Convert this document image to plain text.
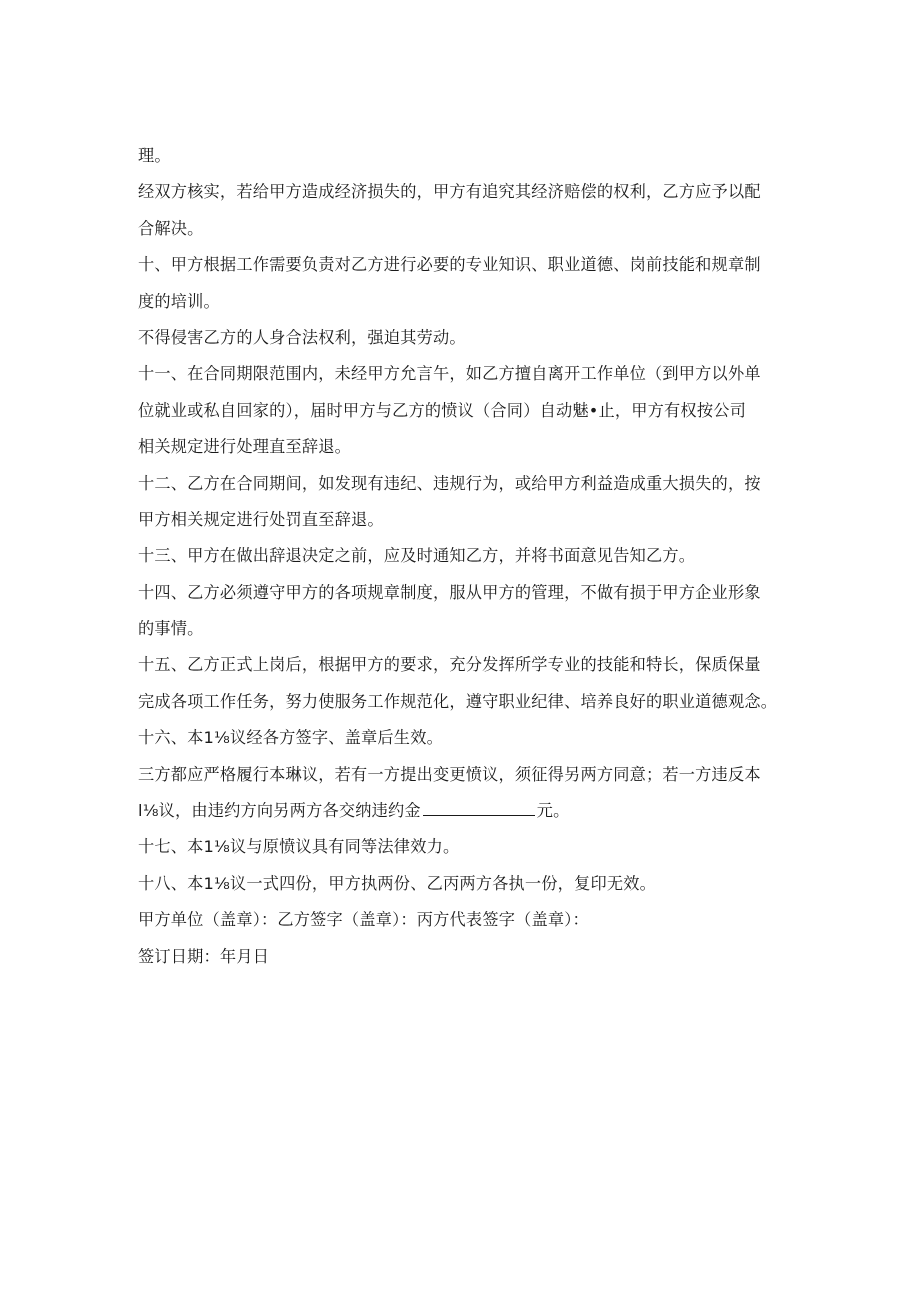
理。
经双方核实，若给甲方造成经济损失的，甲方有追究其经济赔偿的权利，乙方应予以配
合解决。
十、甲方根据工作需要负责对乙方进行必要的专业知识、职业道德、岗前技能和规章制
度的培训。
不得侵害乙方的人身合法权利，强迫其劳动。
十一、在合同期限范围内，未经甲方允言午，如乙方擅自离开工作单位（到甲方以外单
位就业或私自回家的），届时甲方与乙方的愤议（合同）自动魅•止，甲方有权按公司
相关规定进行处理直至辞退。
十二、乙方在合同期间，如发现有违纪、违规行为，或给甲方利益造成重大损失的，按
甲方相关规定进行处罚直至辞退。
十三、甲方在做出辞退决定之前，应及时通知乙方，并将书面意见告知乙方。
十四、乙方必须遵守甲方的各项规章制度，服从甲方的管理，不做有损于甲方企业形象
的事情。
十五、乙方正式上岗后，根据甲方的要求，充分发挥所学专业的技能和特长，保质保量
完成各项工作任务，努力使服务工作规范化，遵守职业纪律、培养良好的职业道德观念。
十六、本1⅛议经各方签字、盖章后生效。
三方都应严格履行本琳议，若有一方提出变更愤议，须征得另两方同意；若一方违反本
l⅛议，由违约方向另两方各交纳违约金	元。
十七、本1⅛议与原愤议具有同等法律效力。
十八、本1⅛议一式四份，甲方执两份、乙丙两方各执一份，复印无效。
甲方单位（盖章）：乙方签字（盖章）：丙方代表签字（盖章）：
签订日期：年月日
